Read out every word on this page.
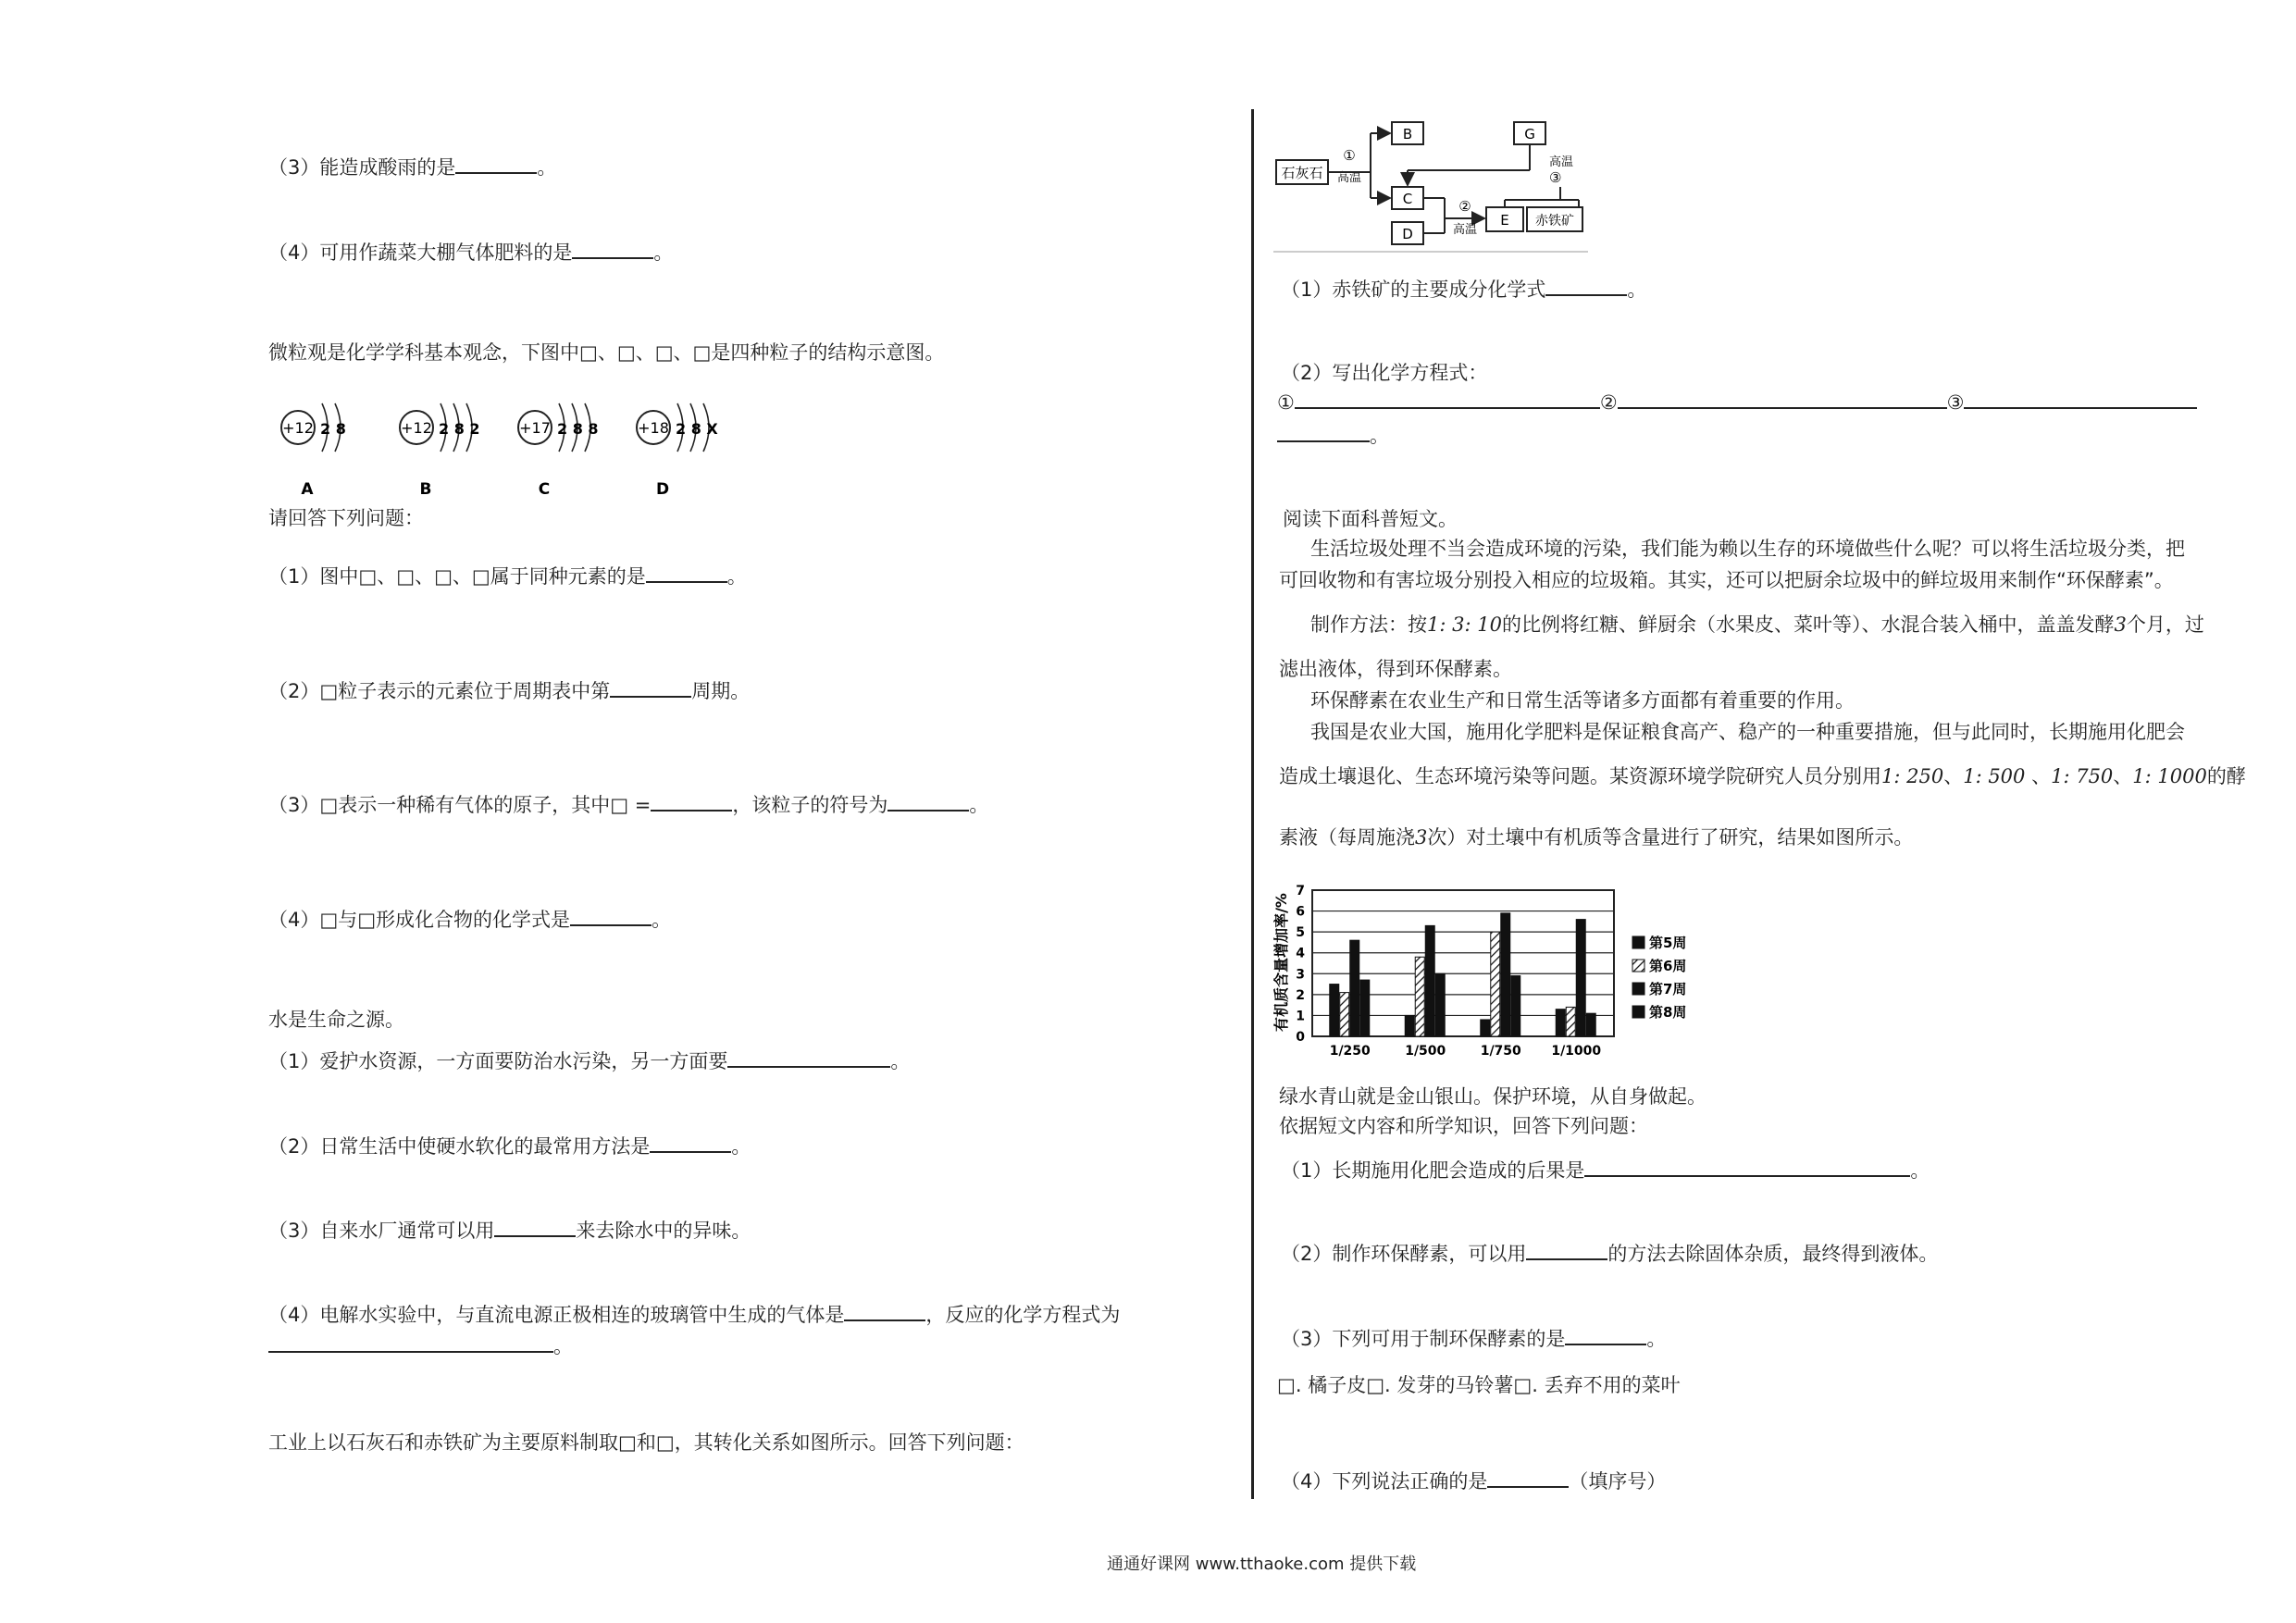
（3）能造成酸雨的是	。
（4）可用作蔬菜大棚气体肥料的是	。
微粒观是化学学科基本观念，下图中□、□、□、□是四种粒子的结构示意图。
+12 2 8
A
+12 2 8 2
B
+17 2 8 8
C
+18 2 8 X
D
请回答下列问题：
（1）图中□、□、□、□属于同种元素的是	。
（2）□粒子表示的元素位于周期表中第	周期。
（3）□表示一种稀有气体的原子，其中□ =	，该粒子的符号为	。
（4）□与□形成化合物的化学式是	。
水是生命之源。
（1）爱护水资源，一方面要防治水污染，另一方面要	。
（2）日常生活中使硬水软化的最常用方法是	。
（3）自来水厂通常可以用	来去除水中的异味。
（4）电解水实验中，与直流电源正极相连的玻璃管中生成的气体是	，反应的化学方程式为
。
工业上以石灰石和赤铁矿为主要原料制取□和□，其转化关系如图所示。回答下列问题：
石灰石
①
高温
B
C
D
G
高温
③
②
高温
E 赤铁矿
（1）赤铁矿的主要成分化学式	。
（2）写出化学方程式：
①	②	③
。
阅读下面科普短文。
生活垃圾处理不当会造成环境的污染，我们能为赖以生存的环境做些什么呢？可以将生活垃圾分类，把
可回收物和有害垃圾分别投入相应的垃圾箱。其实，还可以把厨余垃圾中的鲜垃圾用来制作“环保酵素”。
制作方法：按1: 3: 10的比例将红糖、鲜厨余（水果皮、菜叶等）、水混合装入桶中，盖盖发酵3个月，过
滤出液体，得到环保酵素。
环保酵素在农业生产和日常生活等诸多方面都有着重要的作用。
我国是农业大国，施用化学肥料是保证粮食高产、稳产的一种重要措施，但与此同时，长期施用化肥会
造成土壤退化、生态环境污染等问题。某资源环境学院研究人员分别用1: 250、1: 500 、1: 750、1: 1000的酵
素液（每周施浇3次）对土壤中有机质等含量进行了研究，结果如图所示。
有机质含量增加率/%
0
1
2
3
4
5
6
7
1/250	1/500	1/750 1/1000
第5周
第6周
第7周
第8周
绿水青山就是金山银山。保护环境，从自身做起。
依据短文内容和所学知识，回答下列问题：
（1）长期施用化肥会造成的后果是	。
（2）制作环保酵素，可以用	的方法去除固体杂质，最终得到液体。
（3）下列可用于制环保酵素的是	。
□. 橘子皮□. 发芽的马铃薯□. 丢弃不用的菜叶
（4）下列说法正确的是	（填序号）
通通好课网 www.tthaoke.com 提供下载
